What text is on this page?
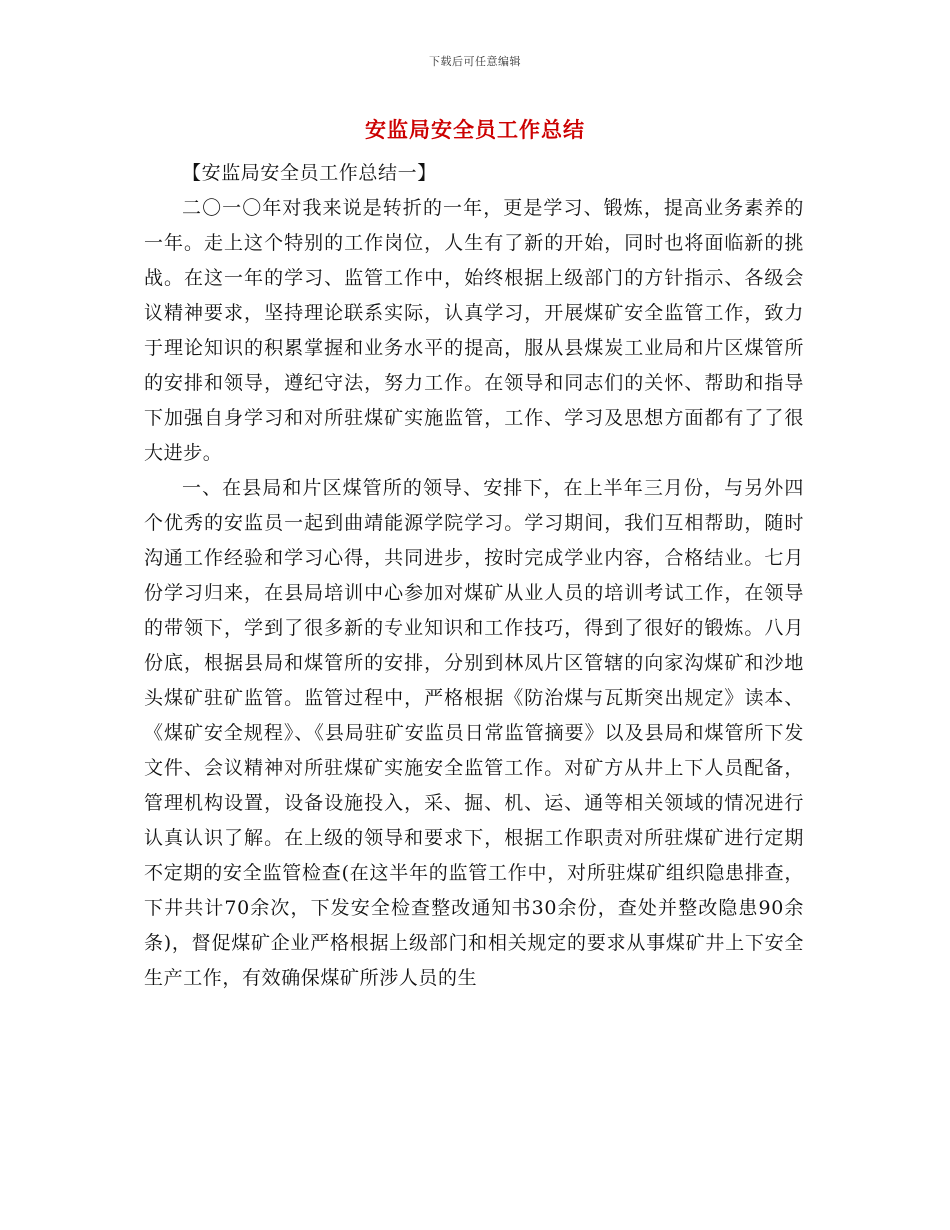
下载后可任意编辑
安监局安全员工作总结
【安监局安全员工作总结一】

二〇一〇年对我来说是转折的一年，更是学习、锻炼，提高业务素养的一年。走上这个特别的工作岗位，人生有了新的开始，同时也将面临新的挑战。在这一年的学习、监管工作中，始终根据上级部门的方针指示、各级会议精神要求，坚持理论联系实际，认真学习，开展煤矿安全监管工作，致力于理论知识的积累掌握和业务水平的提高，服从县煤炭工业局和片区煤管所的安排和领导，遵纪守法，努力工作。在领导和同志们的关怀、帮助和指导下加强自身学习和对所驻煤矿实施监管，工作、学习及思想方面都有了了很大进步。

一、在县局和片区煤管所的领导、安排下，在上半年三月份，与另外四个优秀的安监员一起到曲靖能源学院学习。学习期间，我们互相帮助，随时沟通工作经验和学习心得，共同进步，按时完成学业内容，合格结业。七月份学习归来，在县局培训中心参加对煤矿从业人员的培训考试工作，在领导的带领下，学到了很多新的专业知识和工作技巧，得到了很好的锻炼。八月份底，根据县局和煤管所的安排，分别到林凤片区管辖的向家沟煤矿和沙地头煤矿驻矿监管。监管过程中，严格根据《防治煤与瓦斯突出规定》读本、《煤矿安全规程》、《县局驻矿安监员日常监管摘要》以及县局和煤管所下发文件、会议精神对所驻煤矿实施安全监管工作。对矿方从井上下人员配备，管理机构设置，设备设施投入，采、掘、机、运、通等相关领域的情况进行认真认识了解。在上级的领导和要求下，根据工作职责对所驻煤矿进行定期不定期的安全监管检查(在这半年的监管工作中，对所驻煤矿组织隐患排查，下井共计70余次，下发安全检查整改通知书30余份，查处并整改隐患90余条)，督促煤矿企业严格根据上级部门和相关规定的要求从事煤矿井上下安全生产工作，有效确保煤矿所涉人员的生
